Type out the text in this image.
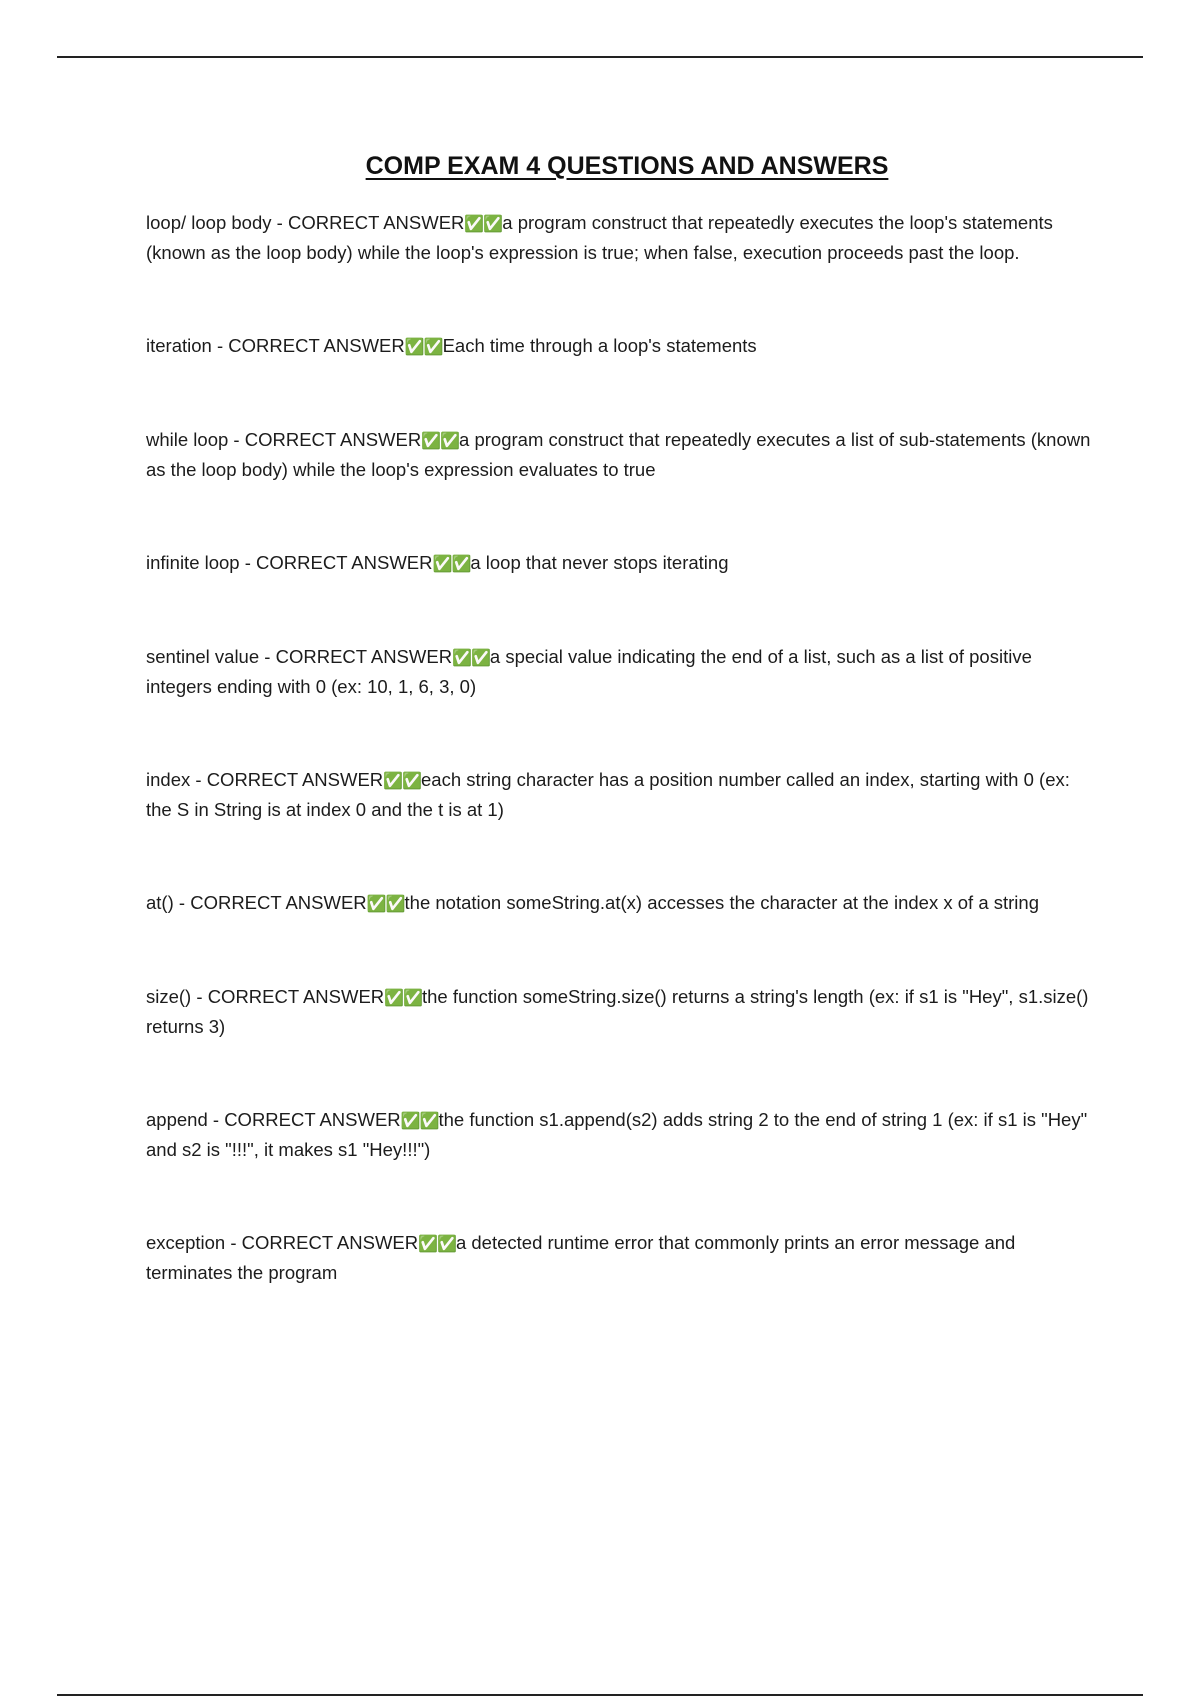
COMP EXAM 4 QUESTIONS AND ANSWERS
loop/ loop body - CORRECT ANSWER✅✅a program construct that repeatedly executes the loop's statements (known as the loop body) while the loop's expression is true; when false, execution proceeds past the loop.
iteration - CORRECT ANSWER✅✅Each time through a loop's statements
while loop - CORRECT ANSWER✅✅a program construct that repeatedly executes a list of sub-statements (known as the loop body) while the loop's expression evaluates to true
infinite loop - CORRECT ANSWER✅✅a loop that never stops iterating
sentinel value - CORRECT ANSWER✅✅a special value indicating the end of a list, such as a list of positive integers ending with 0 (ex: 10, 1, 6, 3, 0)
index - CORRECT ANSWER✅✅each string character has a position number called an index, starting with 0 (ex: the S in String is at index 0 and the t is at 1)
at() - CORRECT ANSWER✅✅the notation someString.at(x) accesses the character at the index x of a string
size() - CORRECT ANSWER✅✅the function someString.size() returns a string's length (ex: if s1 is "Hey", s1.size() returns 3)
append - CORRECT ANSWER✅✅the function s1.append(s2) adds string 2 to the end of string 1 (ex: if s1 is "Hey" and s2 is "!!!", it makes s1 "Hey!!!")
exception - CORRECT ANSWER✅✅a detected runtime error that commonly prints an error message and terminates the program
